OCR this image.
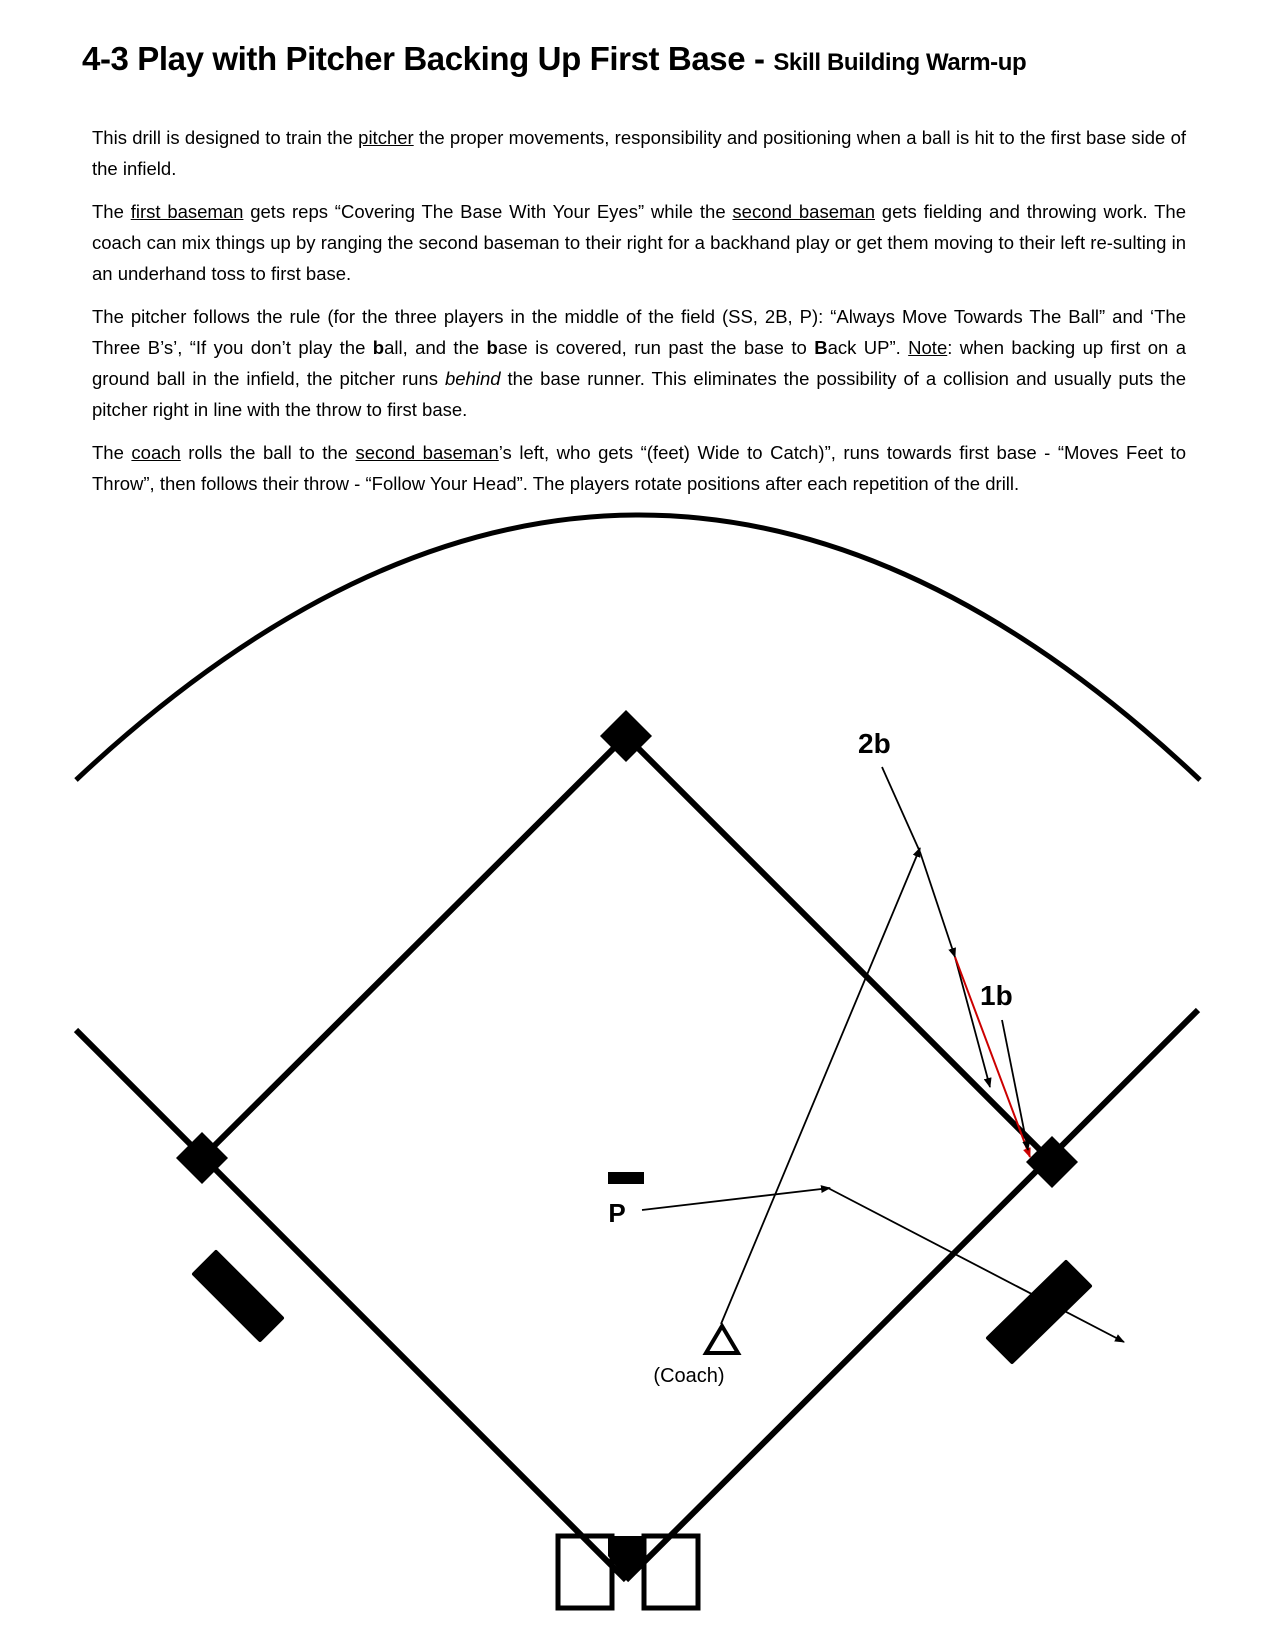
4-3 Play with Pitcher Backing Up First Base - Skill Building Warm-up

This drill is designed to train the pitcher the proper movements, responsibility and positioning when a ball is hit to the first base side of the infield.

The first baseman gets reps “Covering The Base With Your Eyes” while the second baseman gets fielding and throwing work. The coach can mix things up by ranging the second baseman to their right for a backhand play or get them moving to their left re-sulting in an underhand toss to first base.

The pitcher follows the rule (for the three players in the middle of the field (SS, 2B, P): “Always Move Towards The Ball” and ‘The Three B’s’, “If you don’t play the ball, and the base is covered, run past the base to Back UP”. Note: when backing up first on a ground ball in the infield, the pitcher runs behind the base runner. This eliminates the possibility of a collision and usually puts the pitcher right in line with the throw to first base.

The coach rolls the ball to the second baseman’s left, who gets “(feet) Wide to Catch)”, runs towards first base - “Moves Feet to Throw”, then follows their throw - “Follow Your Head”. The players rotate positions after each repetition of the drill.

2b
1b
P
(Coach)
